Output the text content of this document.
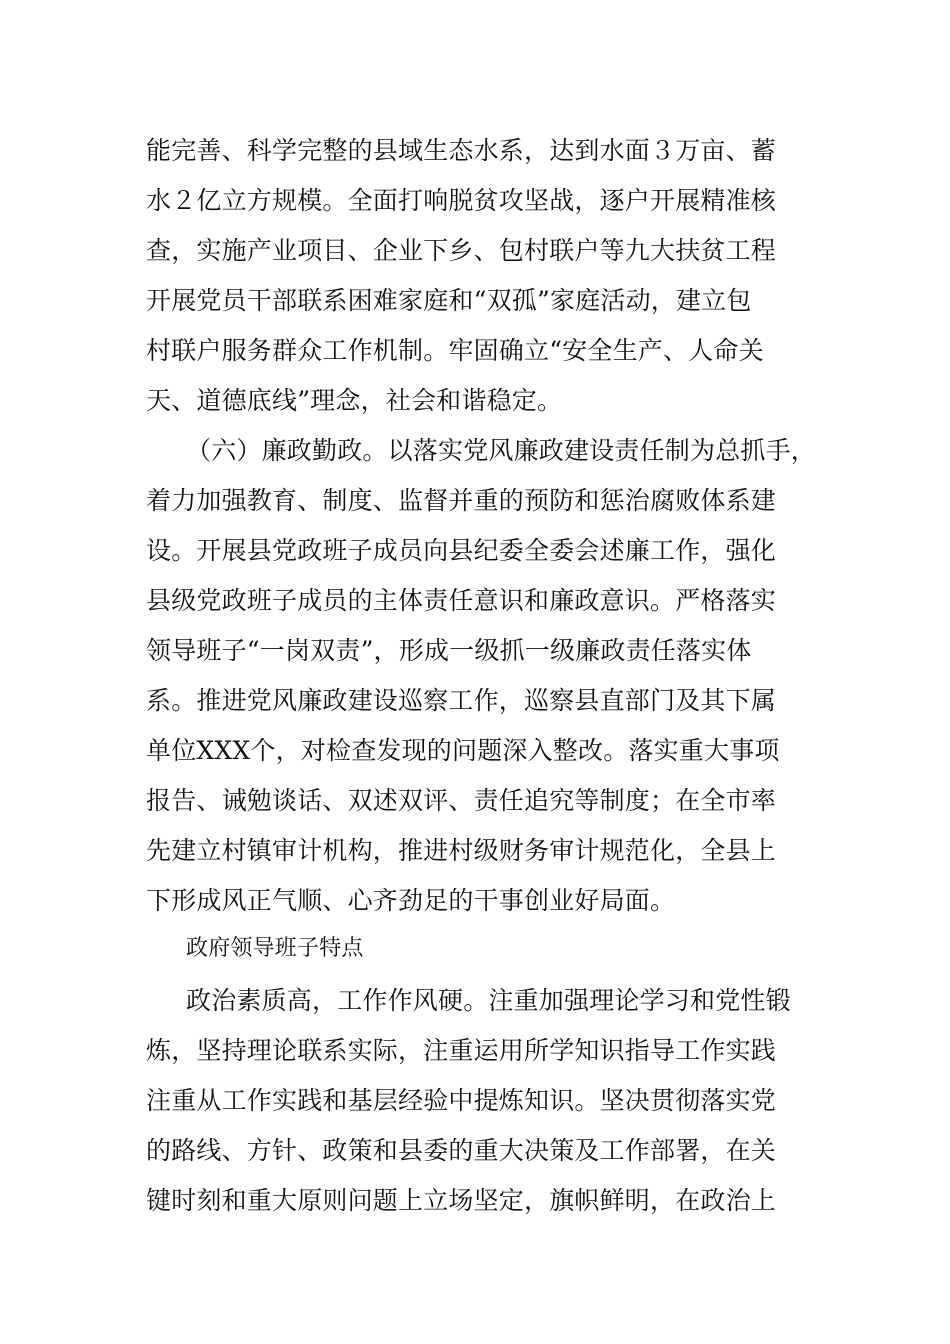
能完善、科学完整的县域生态水系，达到水面３万亩、蓄
水２亿立方规模。全面打响脱贫攻坚战，逐户开展精准核
查，实施产业项目、企业下乡、包村联户等九大扶贫工程
开展党员干部联系困难家庭和“双孤”家庭活动，建立包
村联户服务群众工作机制。牢固确立“安全生产、人命关
天、道德底线”理念，社会和谐稳定。
（六）廉政勤政。以落实党风廉政建设责任制为总抓手，
着力加强教育、制度、监督并重的预防和惩治腐败体系建
设。开展县党政班子成员向县纪委全委会述廉工作，强化
县级党政班子成员的主体责任意识和廉政意识。严格落实
领导班子“一岗双责”，形成一级抓一级廉政责任落实体
系。推进党风廉政建设巡察工作，巡察县直部门及其下属
单位XXX个，对检查发现的问题深入整改。落实重大事项
报告、诫勉谈话、双述双评、责任追究等制度；在全市率
先建立村镇审计机构，推进村级财务审计规范化，全县上
下形成风正气顺、心齐劲足的干事创业好局面。
政府领导班子特点
政治素质高，工作作风硬。注重加强理论学习和党性锻
炼，坚持理论联系实际，注重运用所学知识指导工作实践
注重从工作实践和基层经验中提炼知识。坚决贯彻落实党
的路线、方针、政策和县委的重大决策及工作部署，在关
键时刻和重大原则问题上立场坚定，旗帜鲜明，在政治上
